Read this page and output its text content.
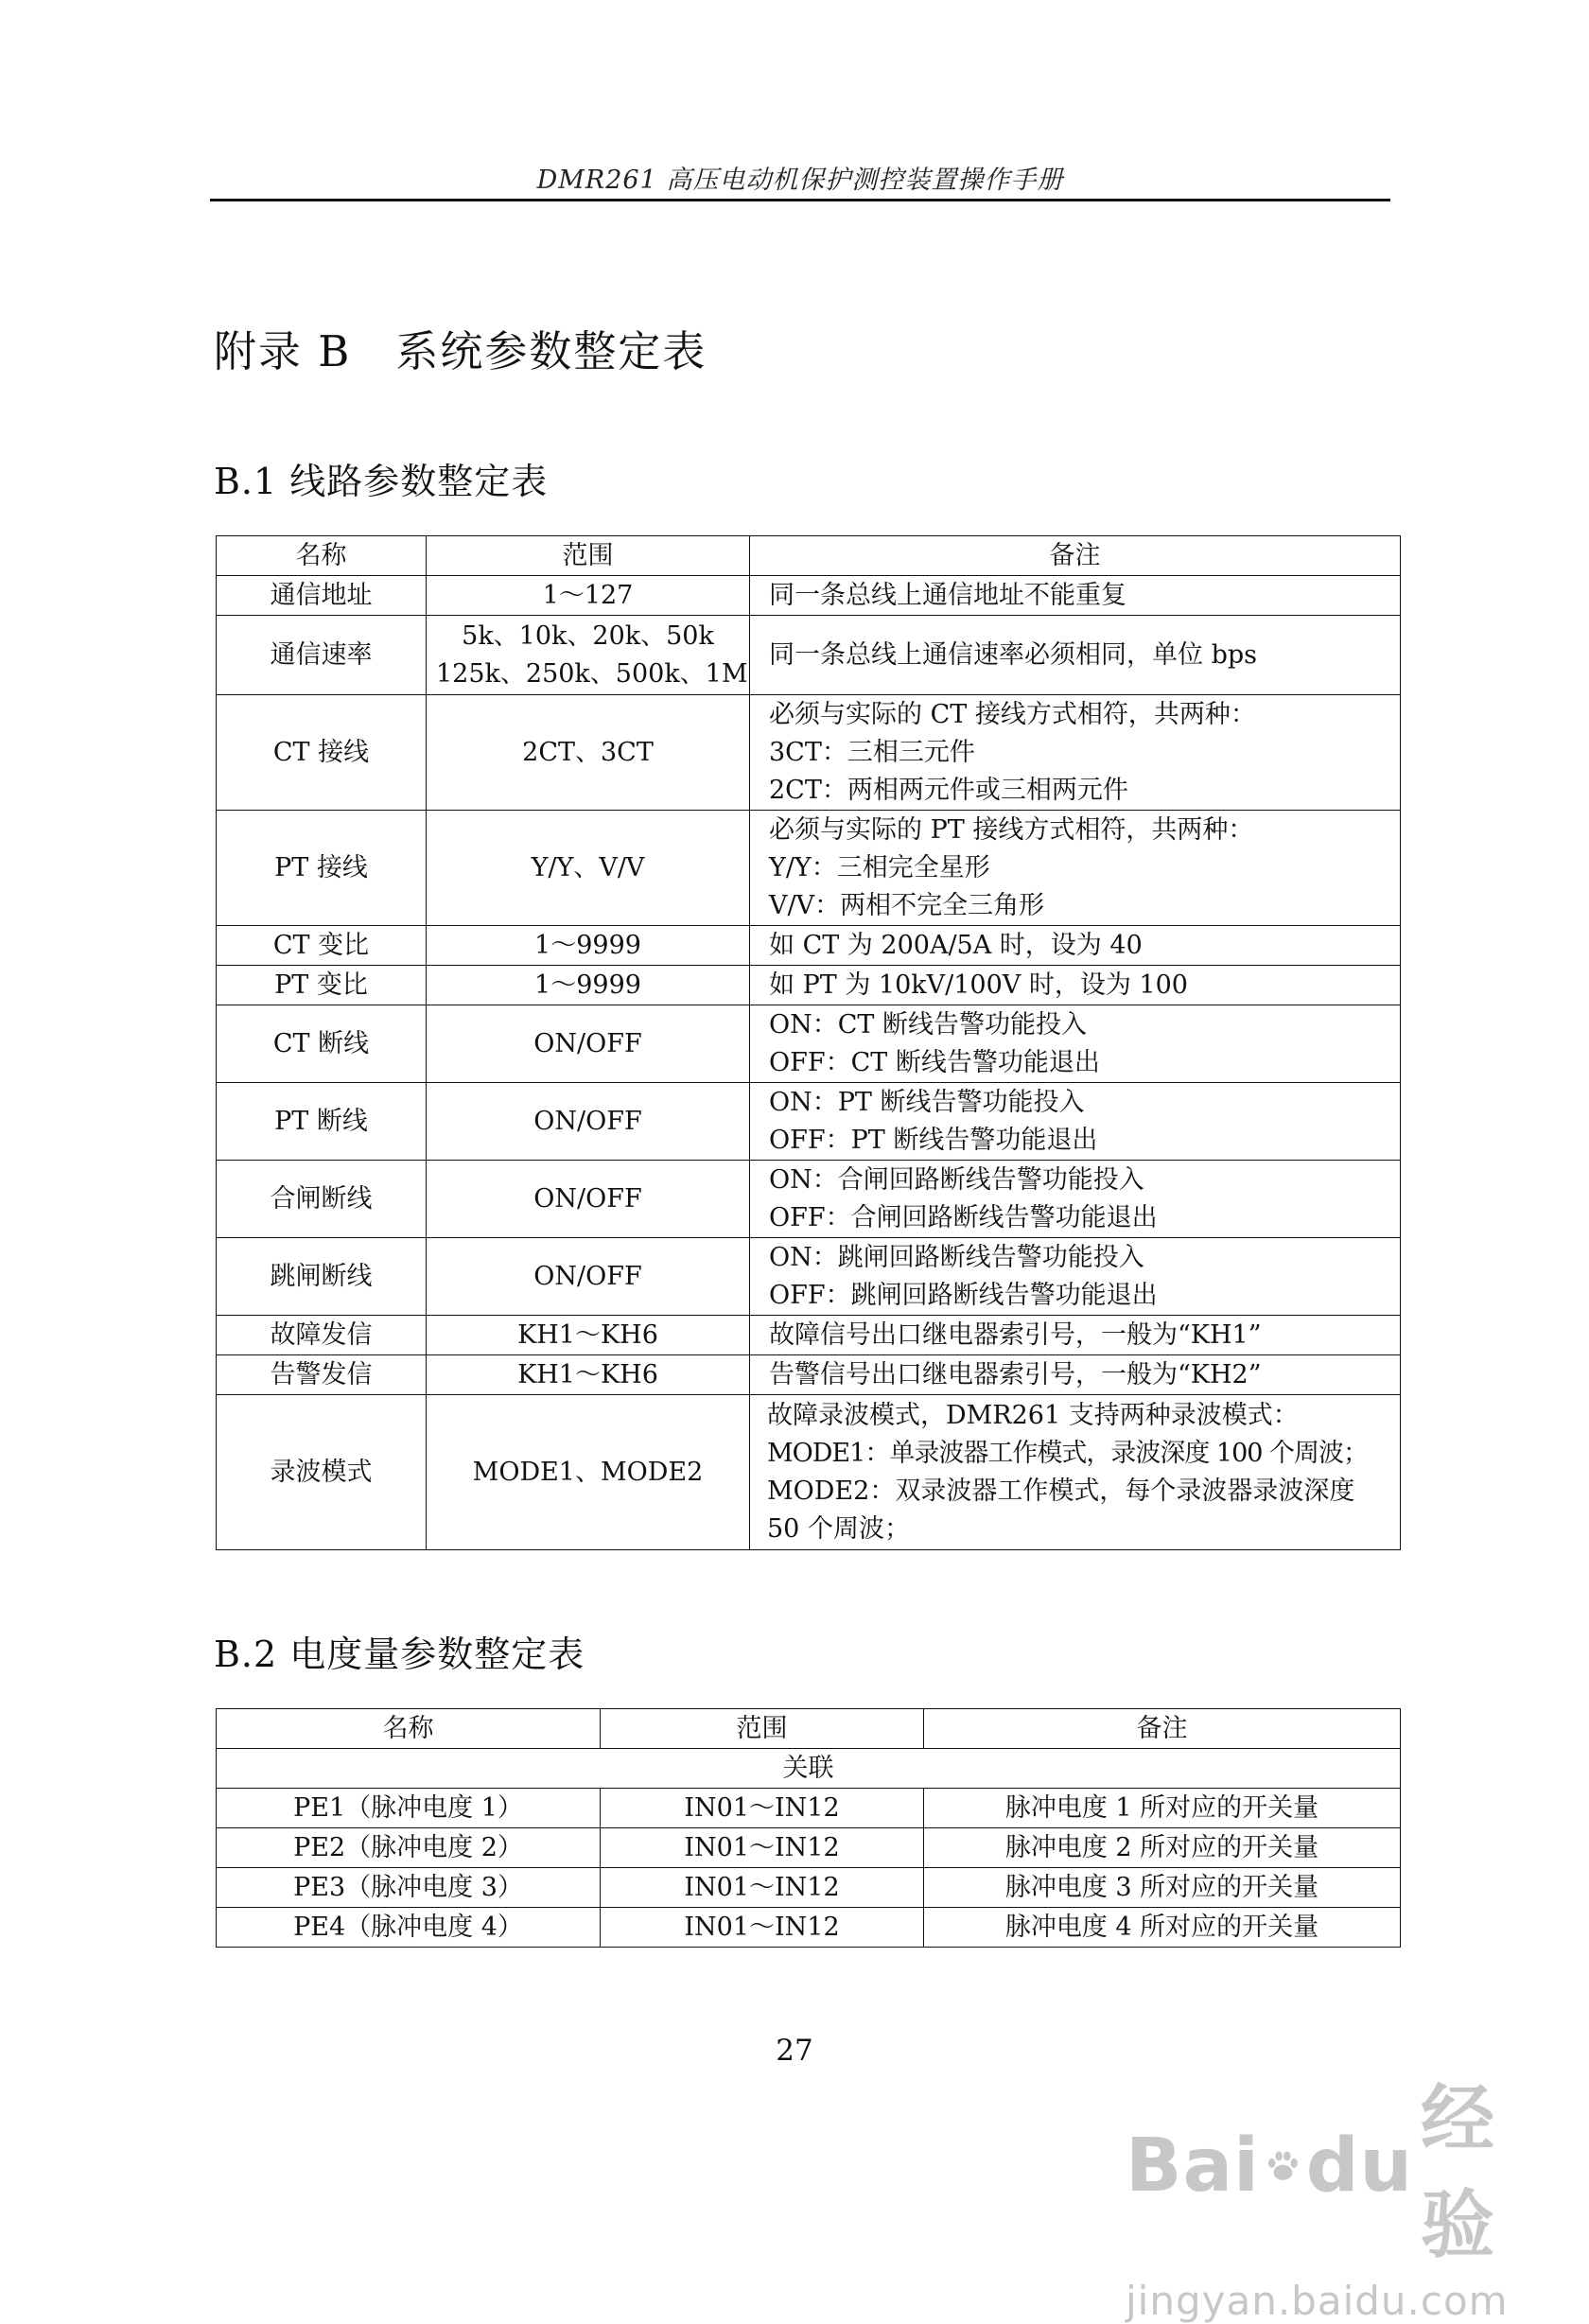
DMR261 高压电动机保护测控装置操作手册
附录 B　系统参数整定表
B.1 线路参数整定表
名称	范围	备注
通信地址	1～127	同一条总线上通信地址不能重复

通信速率	5k、10k、20k、50k
125k、250k、500k、1M	同一条总线上通信速率必须相同，单位 bps

CT 接线	2CT、3CT	必须与实际的 CT 接线方式相符，共两种：
3CT：三相三元件
2CT：两相两元件或三相两元件

PT 接线	Y/Y、V/V	必须与实际的 PT 接线方式相符，共两种：
Y/Y：三相完全星形
V/V：两相不完全三角形

CT 变比	1～9999	如 CT 为 200A/5A 时，设为 40

PT 变比	1～9999	如 PT 为 10kV/100V 时，设为 100

CT 断线	ON/OFF	ON：CT 断线告警功能投入
OFF：CT 断线告警功能退出

PT 断线	ON/OFF	ON：PT 断线告警功能投入
OFF：PT 断线告警功能退出

合闸断线	ON/OFF	ON：合闸回路断线告警功能投入
OFF：合闸回路断线告警功能退出

跳闸断线	ON/OFF	ON：跳闸回路断线告警功能投入
OFF：跳闸回路断线告警功能退出

故障发信	KH1～KH6	故障信号出口继电器索引号，一般为“KH1”

告警发信	KH1～KH6	告警信号出口继电器索引号，一般为“KH2”

录波模式	MODE1、MODE2	故障录波模式，DMR261 支持两种录波模式：
MODE1：单录波器工作模式，录波深度 100 个周波；
MODE2：双录波器工作模式，每个录波器录波深度
50 个周波；
B.2 电度量参数整定表
名称	范围	备注
关联		
PE1（脉冲电度 1）	IN01～IN12	脉冲电度 1 所对应的开关量
PE2（脉冲电度 2）	IN01～IN12	脉冲电度 2 所对应的开关量
PE3（脉冲电度 3）	IN01～IN12	脉冲电度 3 所对应的开关量
PE4（脉冲电度 4）	IN01～IN12	脉冲电度 4 所对应的开关量
27
Bai du
经验
jingyan.baidu.com
